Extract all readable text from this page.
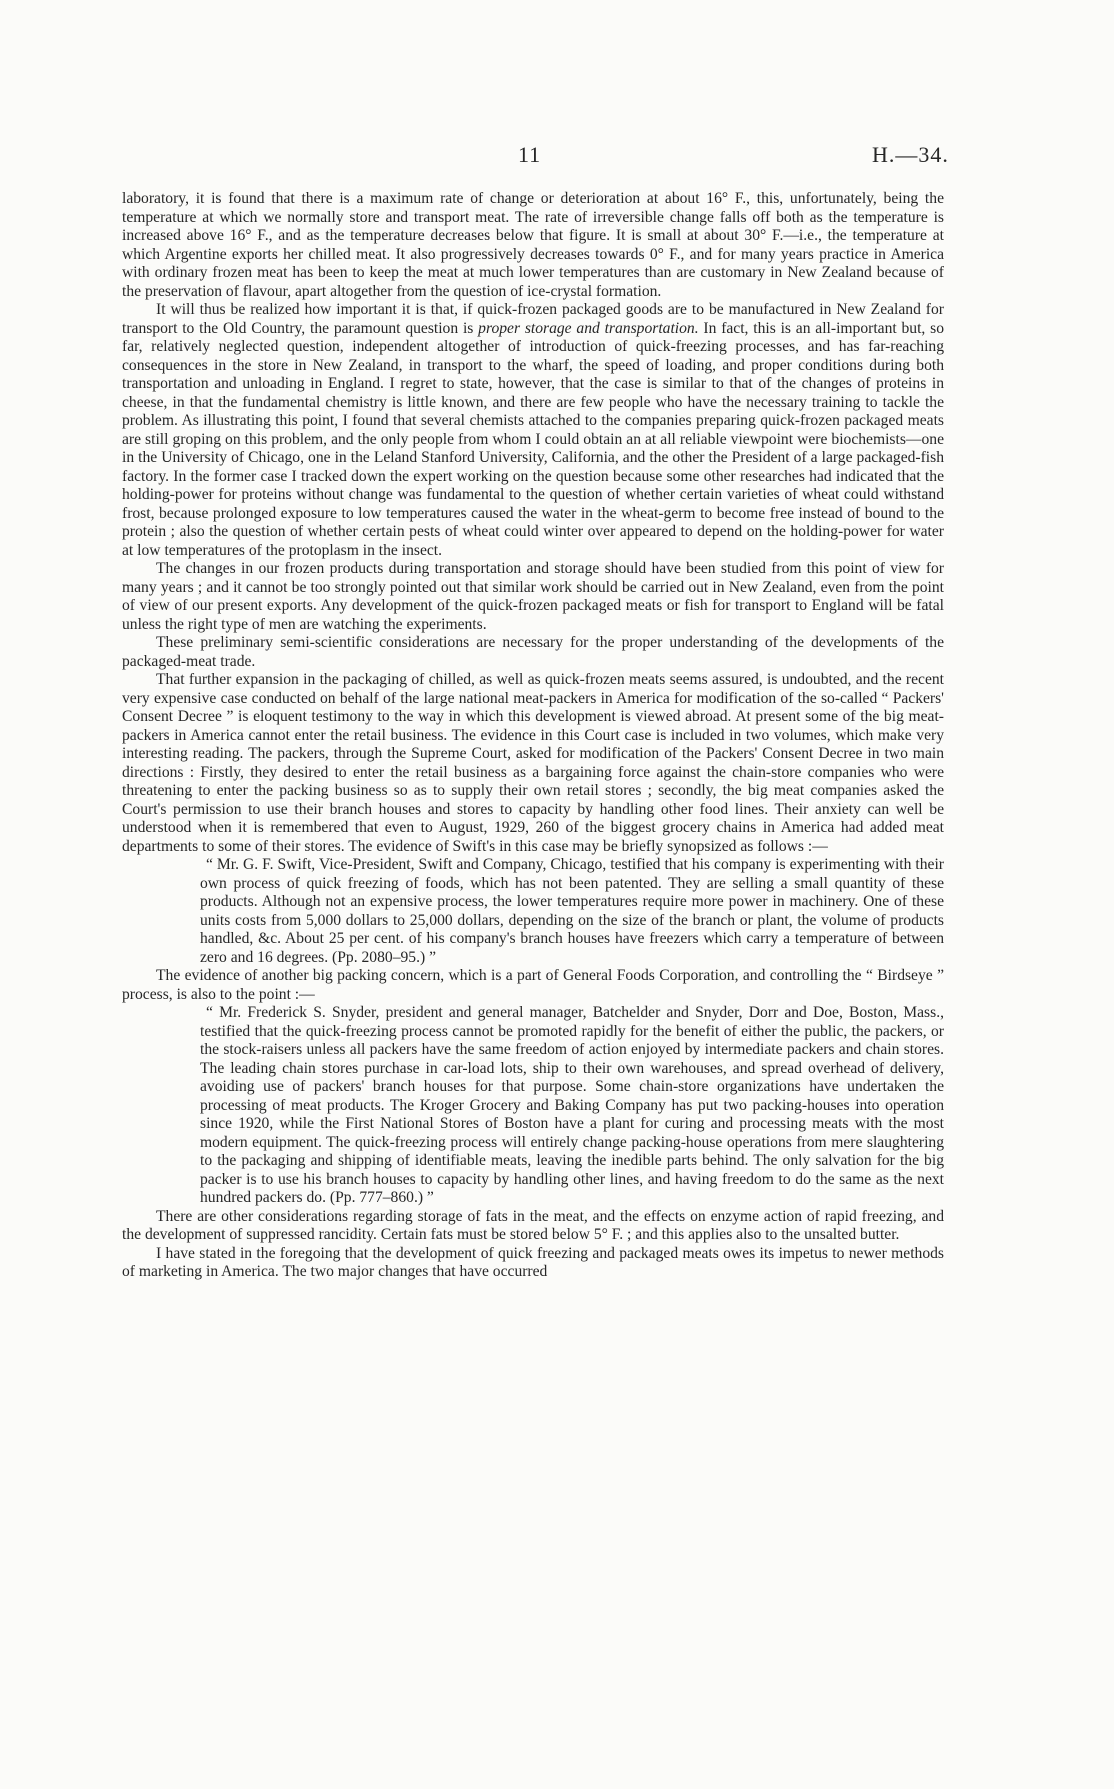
11	H.—34.

laboratory, it is found that there is a maximum rate of change or deterioration at about 16° F., this, unfortunately, being the temperature at which we normally store and transport meat. The rate of irreversible change falls off both as the temperature is increased above 16° F., and as the temperature decreases below that figure. It is small at about 30° F.—i.e., the temperature at which Argentine exports her chilled meat. It also progressively decreases towards 0° F., and for many years practice in America with ordinary frozen meat has been to keep the meat at much lower temperatures than are customary in New Zealand because of the preservation of flavour, apart altogether from the question of ice-crystal formation.

It will thus be realized how important it is that, if quick-frozen packaged goods are to be manufactured in New Zealand for transport to the Old Country, the paramount question is proper storage and transportation. In fact, this is an all-important but, so far, relatively neglected question, independent altogether of introduction of quick-freezing processes, and has far-reaching consequences in the store in New Zealand, in transport to the wharf, the speed of loading, and proper conditions during both transportation and unloading in England. I regret to state, however, that the case is similar to that of the changes of proteins in cheese, in that the fundamental chemistry is little known, and there are few people who have the necessary training to tackle the problem. As illustrating this point, I found that several chemists attached to the companies preparing quick-frozen packaged meats are still groping on this problem, and the only people from whom I could obtain an at all reliable viewpoint were biochemists—one in the University of Chicago, one in the Leland Stanford University, California, and the other the President of a large packaged-fish factory. In the former case I tracked down the expert working on the question because some other researches had indicated that the holding-power for proteins without change was fundamental to the question of whether certain varieties of wheat could withstand frost, because prolonged exposure to low temperatures caused the water in the wheat-germ to become free instead of bound to the protein ; also the question of whether certain pests of wheat could winter over appeared to depend on the holding-power for water at low temperatures of the protoplasm in the insect.

The changes in our frozen products during transportation and storage should have been studied from this point of view for many years ; and it cannot be too strongly pointed out that similar work should be carried out in New Zealand, even from the point of view of our present exports. Any development of the quick-frozen packaged meats or fish for transport to England will be fatal unless the right type of men are watching the experiments.

These preliminary semi-scientific considerations are necessary for the proper understanding of the developments of the packaged-meat trade.

That further expansion in the packaging of chilled, as well as quick-frozen meats seems assured, is undoubted, and the recent very expensive case conducted on behalf of the large national meat-packers in America for modification of the so-called “ Packers' Consent Decree ” is eloquent testimony to the way in which this development is viewed abroad. At present some of the big meat-packers in America cannot enter the retail business. The evidence in this Court case is included in two volumes, which make very interesting reading. The packers, through the Supreme Court, asked for modification of the Packers' Consent Decree in two main directions : Firstly, they desired to enter the retail business as a bargaining force against the chain-store companies who were threatening to enter the packing business so as to supply their own retail stores ; secondly, the big meat companies asked the Court's permission to use their branch houses and stores to capacity by handling other food lines. Their anxiety can well be understood when it is remembered that even to August, 1929, 260 of the biggest grocery chains in America had added meat departments to some of their stores. The evidence of Swift's in this case may be briefly synopsized as follows :—

“ Mr. G. F. Swift, Vice-President, Swift and Company, Chicago, testified that his company is experimenting with their own process of quick freezing of foods, which has not been patented. They are selling a small quantity of these products. Although not an expensive process, the lower temperatures require more power in machinery. One of these units costs from 5,000 dollars to 25,000 dollars, depending on the size of the branch or plant, the volume of products handled, &c. About 25 per cent. of his company's branch houses have freezers which carry a temperature of between zero and 16 degrees. (Pp. 2080–95.) ”

The evidence of another big packing concern, which is a part of General Foods Corporation, and controlling the “ Birdseye ” process, is also to the point :—

“ Mr. Frederick S. Snyder, president and general manager, Batchelder and Snyder, Dorr and Doe, Boston, Mass., testified that the quick-freezing process cannot be promoted rapidly for the benefit of either the public, the packers, or the stock-raisers unless all packers have the same freedom of action enjoyed by intermediate packers and chain stores. The leading chain stores purchase in car-load lots, ship to their own warehouses, and spread overhead of delivery, avoiding use of packers' branch houses for that purpose. Some chain-store organizations have undertaken the processing of meat products. The Kroger Grocery and Baking Company has put two packing-houses into operation since 1920, while the First National Stores of Boston have a plant for curing and processing meats with the most modern equipment. The quick-freezing process will entirely change packing-house operations from mere slaughtering to the packaging and shipping of identifiable meats, leaving the inedible parts behind. The only salvation for the big packer is to use his branch houses to capacity by handling other lines, and having freedom to do the same as the next hundred packers do. (Pp. 777–860.) ”

There are other considerations regarding storage of fats in the meat, and the effects on enzyme action of rapid freezing, and the development of suppressed rancidity. Certain fats must be stored below 5° F. ; and this applies also to the unsalted butter.

I have stated in the foregoing that the development of quick freezing and packaged meats owes its impetus to newer methods of marketing in America. The two major changes that have occurred
